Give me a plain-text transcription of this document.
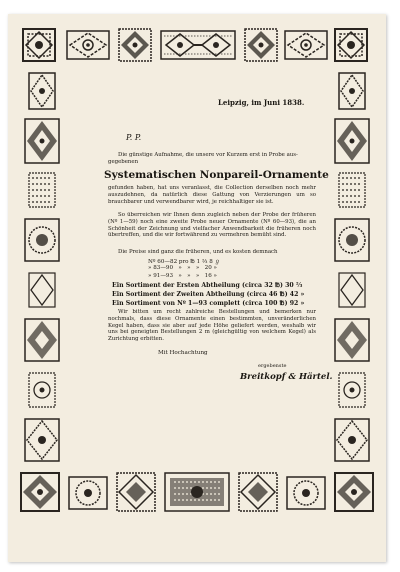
Leipzig, im Juni 1838.
P. P.
Die günstige Aufnahme, die unsere vor Kurzem erst in Probe aus-
gegebenen
Systematischen Nonpareil-Ornamente
gefunden haben, hat uns veranlasst, die Collection derselben noch mehr auszudehnen, da natürlich diese Gattung von Verzierungen um so brauchbarer und verwendbarer wird, je reichhaltiger sie ist.
So überreichen wir Ihnen denn zugleich neben der Probe der früheren (Nº 1—59) noch eine zweite Probe neuer Ornamente (Nº 60—93), die an Schönheit der Zeichnung und vielfacher Anwendbarkeit die früheren noch übertreffen, und die wir fortwährend zu vermehren bemüht sind.
Die Preise sind ganz die früheren, und es kosten demnach
Nº 60—82 pro ℔ 1 ⅔ 8 ℊ
» 83—90   »   »   »   20 »
» 91—93   »   »   »   16 »
Ein Sortiment der Ersten Abtheilung (circa 32 ℔) 30 ⅔
Ein Sortiment der Zweiten Abtheilung (circa 46 ℔) 42 »
Ein Sortiment von Nº 1—93 complett (circa 100 ℔) 92 »
Wir bitten um recht zahlreiche Bestellungen und bemerken nur nochmals, dass diese Ornamente einen bestimmten, unveränderlichen Kegel haben, dass sie aber auf jede Höhe geliefert werden, weshalb wir uns bei geneigten Bestellungen 2 m (gleichgültig von welchem Kegel) als Zurichtung erbitten.
Mit Hochachtung
ergebenste
Breitkopf & Härtel.
